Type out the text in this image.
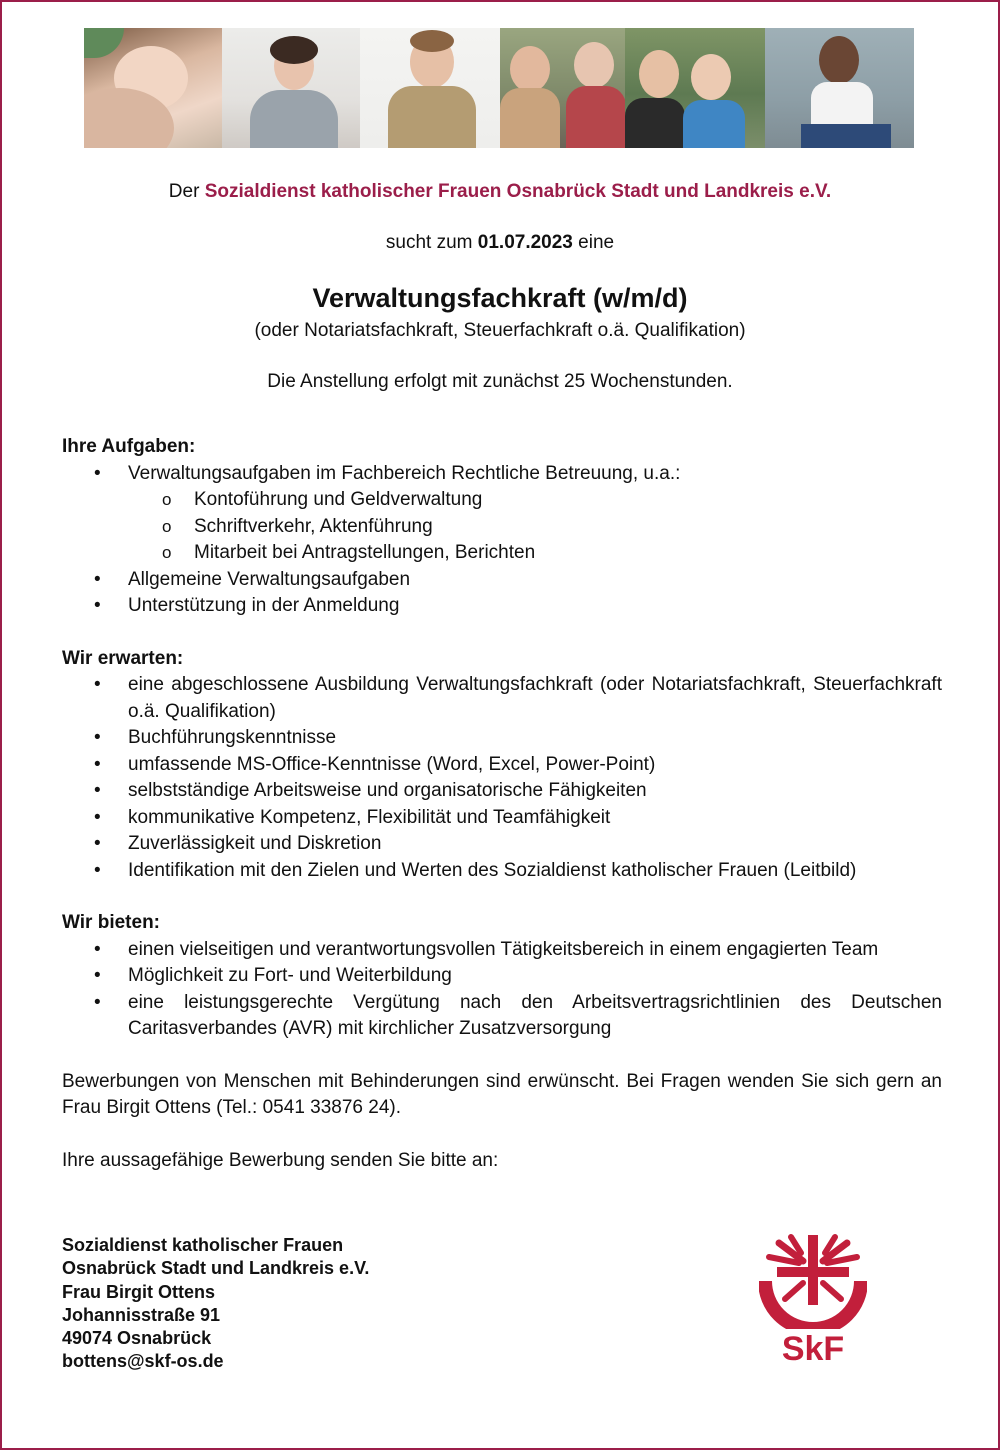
Der Sozialdienst katholischer Frauen Osnabrück Stadt und Landkreis e.V.
sucht zum 01.07.2023 eine
Verwaltungsfachkraft (w/m/d)
(oder Notariatsfachkraft, Steuerfachkraft o.ä. Qualifikation)
Die Anstellung erfolgt mit zunächst 25 Wochenstunden.

Ihre Aufgaben:

• Verwaltungsaufgaben im Fachbereich Rechtliche Betreuung, u.a.:
o Kontoführung und Geldverwaltung
o Schriftverkehr, Aktenführung
o Mitarbeit bei Antragstellungen, Berichten
• Allgemeine Verwaltungsaufgaben
• Unterstützung in der Anmeldung

Wir erwarten:

• eine abgeschlossene Ausbildung Verwaltungsfachkraft (oder Notariatsfachkraft, Steuerfachkraft o.ä. Qualifikation)
• Buchführungskenntnisse
• umfassende MS-Office-Kenntnisse (Word, Excel, Power-Point)
• selbstständige Arbeitsweise und organisatorische Fähigkeiten
• kommunikative Kompetenz, Flexibilität und Teamfähigkeit
• Zuverlässigkeit und Diskretion
• Identifikation mit den Zielen und Werten des Sozialdienst katholischer Frauen (Leitbild)

Wir bieten:

• einen vielseitigen und verantwortungsvollen Tätigkeitsbereich in einem engagierten Team
• Möglichkeit zu Fort- und Weiterbildung
• eine leistungsgerechte Vergütung nach den Arbeitsvertragsrichtlinien des Deutschen Caritasverbandes (AVR) mit kirchlicher Zusatzversorgung

Bewerbungen von Menschen mit Behinderungen sind erwünscht. Bei Fragen wenden Sie sich gern an Frau Birgit Ottens (Tel.: 0541 33876 24).

Ihre aussagefähige Bewerbung senden Sie bitte an:

Sozialdienst katholischer Frauen
Osnabrück Stadt und Landkreis e.V.
Frau Birgit Ottens
Johannisstraße 91
49074 Osnabrück
bottens@skf-os.de	SkF
